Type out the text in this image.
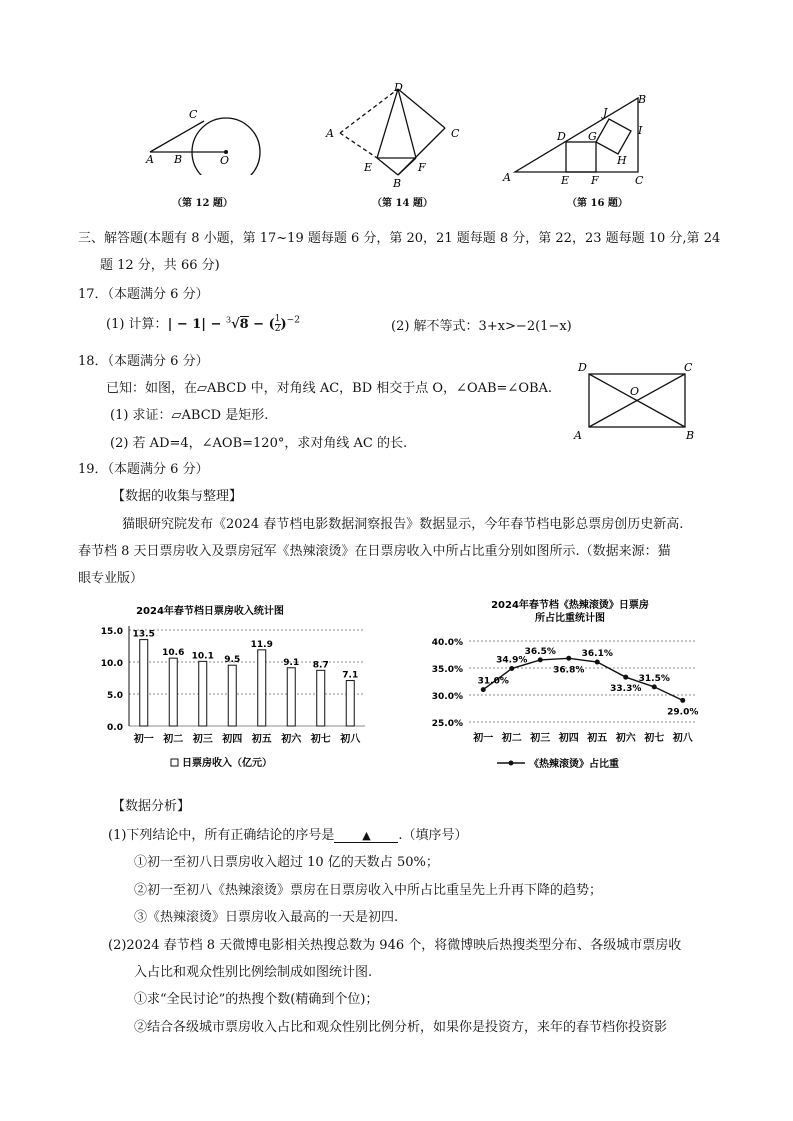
A B	O
C
（第 12 题）
A
D
C
E
B
F
（第 14 题）
A
B
C
D
E F
G
H
I
J
（第 16 题）
三、解答题(本题有 8 小题，第 17~19 题每题 6 分，第 20，21 题每题 8 分，第 22，23 题每题 10 分,第 24
题 12 分，共 66 分)
17．（本题满分 6 分）
(1) 计算：| − 1| − $^3$√8 − ( $\frac{1}{2} )^{-2}$	(2) 解不等式：3+x>−2(1−x)
18．（本题满分 6 分）
已知：如图，在▱ABCD 中，对角线 AC，BD 相交于点 O，∠OAB=∠OBA.
(1) 求证：▱ABCD 是矩形.
(2) 若 AD=4，∠AOB=120°，求对角线 AC 的长.
D	C
O
A	B
19．（本题满分 6 分）
【数据的收集与整理】
猫眼研究院发布《2024 春节档电影数据洞察报告》数据显示，今年春节档电影总票房创历史新高.
春节档 8 天日票房收入及票房冠军《热辣滚烫》在日票房收入中所占比重分别如图所示.（数据来源：猫
眼专业版）
2024年春节档日票房收入统计图
15.0
10.0
5.0
0.0
13.5
初一
10.6
初二
10.1
初三
9.5
初四
11.9
初五
9.1
初六
8.7
初七
7.1
初八
日票房收入（亿元）
2024年春节档《热辣滚烫》日票房
所占比重统计图
40.0%
35.0%
30.0%
25.0%
31.0%
初一
34.9%
初二
36.5%
初三
36.8%
初四
36.1%
初五
33.3%
初六
31.5%
初七
29.0%
初八
《热辣滚烫》占比重
【数据分析】
(1)下列结论中，所有正确结论的序号是	▲ .（填序号）
①初一至初八日票房收入超过 10 亿的天数占 50%；
②初一至初八《热辣滚烫》票房在日票房收入中所占比重呈先上升再下降的趋势；
③《热辣滚烫》日票房收入最高的一天是初四.
(2)2024 春节档 8 天微博电影相关热搜总数为 946 个，将微博映后热搜类型分布、各级城市票房收
入占比和观众性别比例绘制成如图统计图.
①求“全民讨论”的热搜个数(精确到个位)；
②结合各级城市票房收入占比和观众性别比例分析，如果你是投资方，来年的春节档你投资影
